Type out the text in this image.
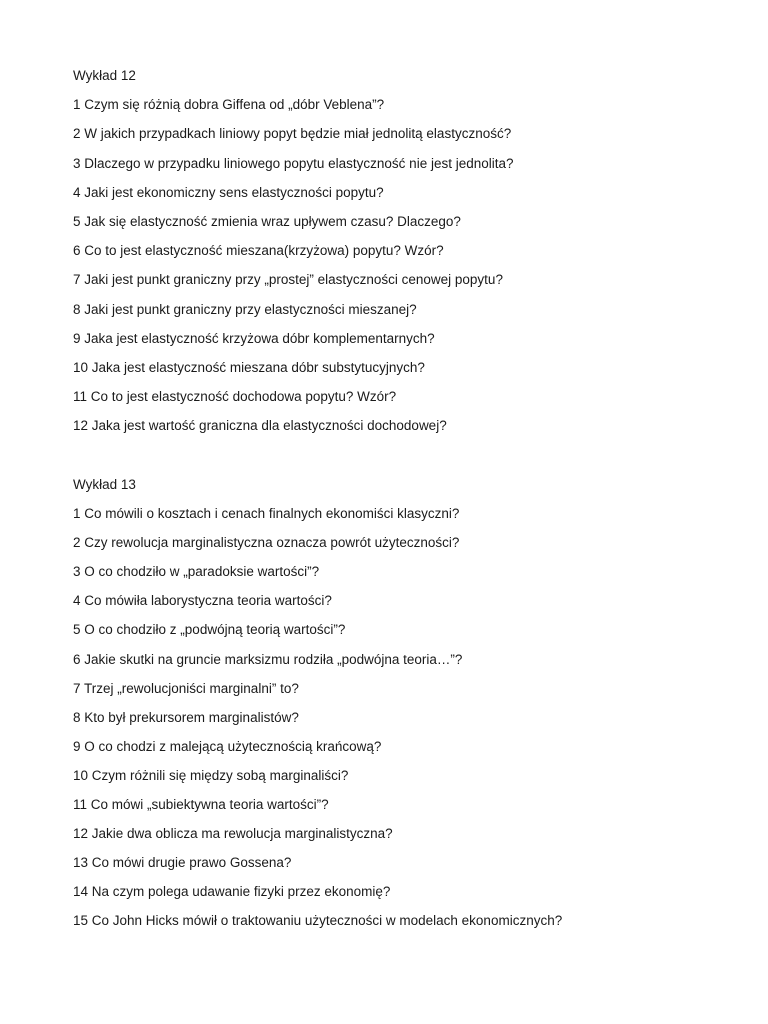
Wykład 12

1 Czym się różnią dobra Giffena od „dóbr Veblena”?
2 W jakich przypadkach liniowy popyt będzie miał jednolitą elastyczność?
3 Dlaczego w przypadku liniowego popytu elastyczność nie jest jednolita?
4 Jaki jest ekonomiczny sens elastyczności popytu?
5 Jak się elastyczność zmienia wraz upływem czasu? Dlaczego?
6 Co to jest elastyczność mieszana(krzyżowa) popytu? Wzór?
7 Jaki jest punkt graniczny przy „prostej” elastyczności cenowej popytu?
8 Jaki jest punkt graniczny przy elastyczności mieszanej?
9 Jaka jest elastyczność krzyżowa dóbr komplementarnych?
10 Jaka jest elastyczność mieszana dóbr substytucyjnych?
11 Co to jest elastyczność dochodowa popytu? Wzór?
12 Jaka jest wartość graniczna dla elastyczności dochodowej?

Wykład 13

1 Co mówili o kosztach i cenach finalnych ekonomiści klasyczni?
2 Czy rewolucja marginalistyczna oznacza powrót użyteczności?
3 O co chodziło w „paradoksie wartości”?
4 Co mówiła laborystyczna teoria wartości?
5 O co chodziło z „podwójną teorią wartości”?
6 Jakie skutki na gruncie marksizmu rodziła „podwójna teoria…”?
7 Trzej „rewolucjoniści marginalni” to?
8 Kto był prekursorem marginalistów?
9 O co chodzi z malejącą użytecznością krańcową?
10 Czym różnili się między sobą marginaliści?
11 Co mówi „subiektywna teoria wartości”?
12 Jakie dwa oblicza ma rewolucja marginalistyczna?
13 Co mówi drugie prawo Gossena?
14 Na czym polega udawanie fizyki przez ekonomię?
15 Co John Hicks mówił o traktowaniu użyteczności w modelach ekonomicznych?
